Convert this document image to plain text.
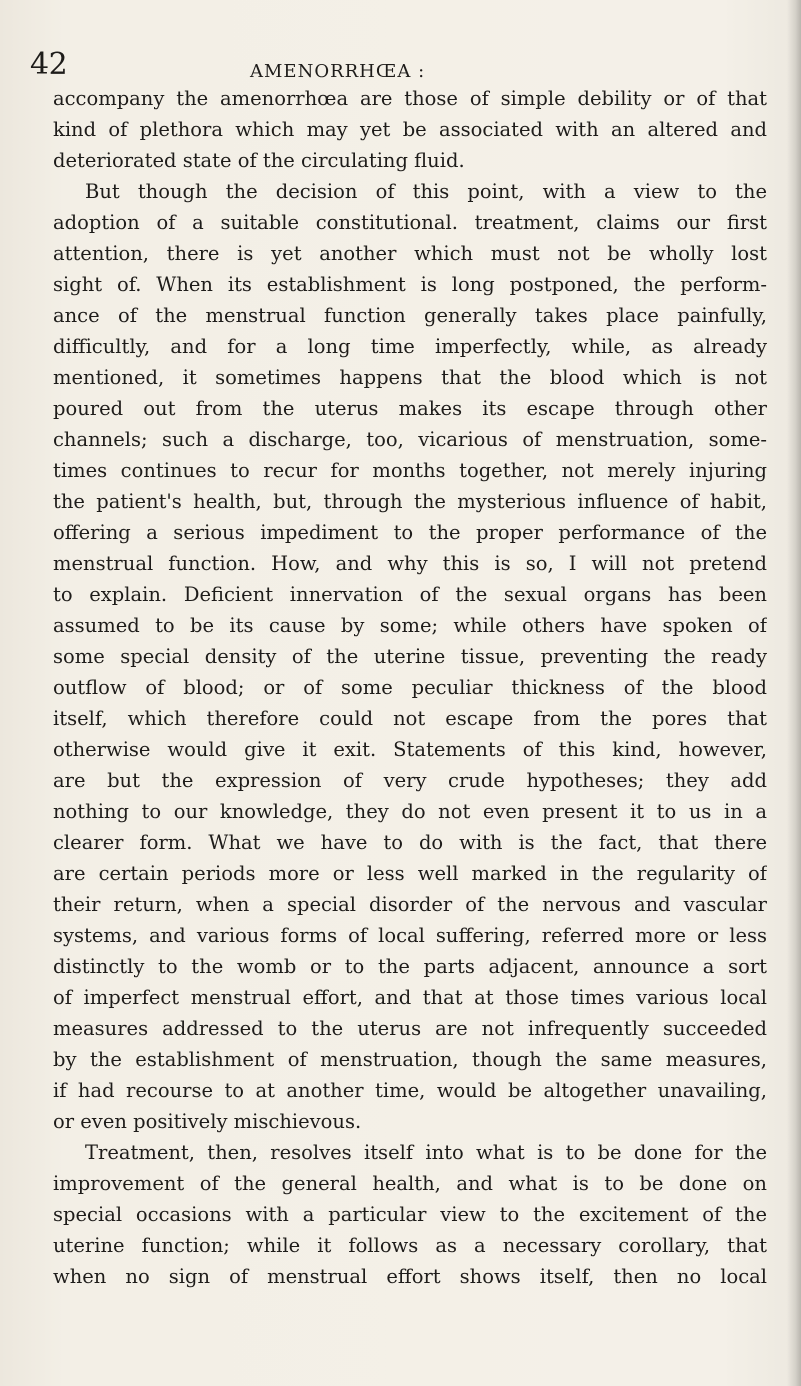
42	AMENORRHŒA :
accompany the amenorrhœa are those of simple debility or of that
kind of plethora which may yet be associated with an altered and
deteriorated state of the circulating fluid.
But though the decision of this point, with a view to the
adoption of a suitable constitutional. treatment, claims our first
attention, there is yet another which must not be wholly lost
sight of. When its establishment is long postponed, the perform-
ance of the menstrual function generally takes place painfully,
difficultly, and for a long time imperfectly, while, as already
mentioned, it sometimes happens that the blood which is not
poured out from the uterus makes its escape through other
channels; such a discharge, too, vicarious of menstruation, some-
times continues to recur for months together, not merely injuring
the patient's health, but, through the mysterious influence of habit,
offering a serious impediment to the proper performance of the
menstrual function. How, and why this is so, I will not pretend
to explain. Deficient innervation of the sexual organs has been
assumed to be its cause by some; while others have spoken of
some special density of the uterine tissue, preventing the ready
outflow of blood; or of some peculiar thickness of the blood
itself, which therefore could not escape from the pores that
otherwise would give it exit. Statements of this kind, however,
are but the expression of very crude hypotheses; they add
nothing to our knowledge, they do not even present it to us in a
clearer form. What we have to do with is the fact, that there
are certain periods more or less well marked in the regularity of
their return, when a special disorder of the nervous and vascular
systems, and various forms of local suffering, referred more or less
distinctly to the womb or to the parts adjacent, announce a sort
of imperfect menstrual effort, and that at those times various local
measures addressed to the uterus are not infrequently succeeded
by the establishment of menstruation, though the same measures,
if had recourse to at another time, would be altogether unavailing,
or even positively mischievous.
Treatment, then, resolves itself into what is to be done for the
improvement of the general health, and what is to be done on
special occasions with a particular view to the excitement of the
uterine function; while it follows as a necessary corollary, that
when no sign of menstrual effort shows itself, then no local
